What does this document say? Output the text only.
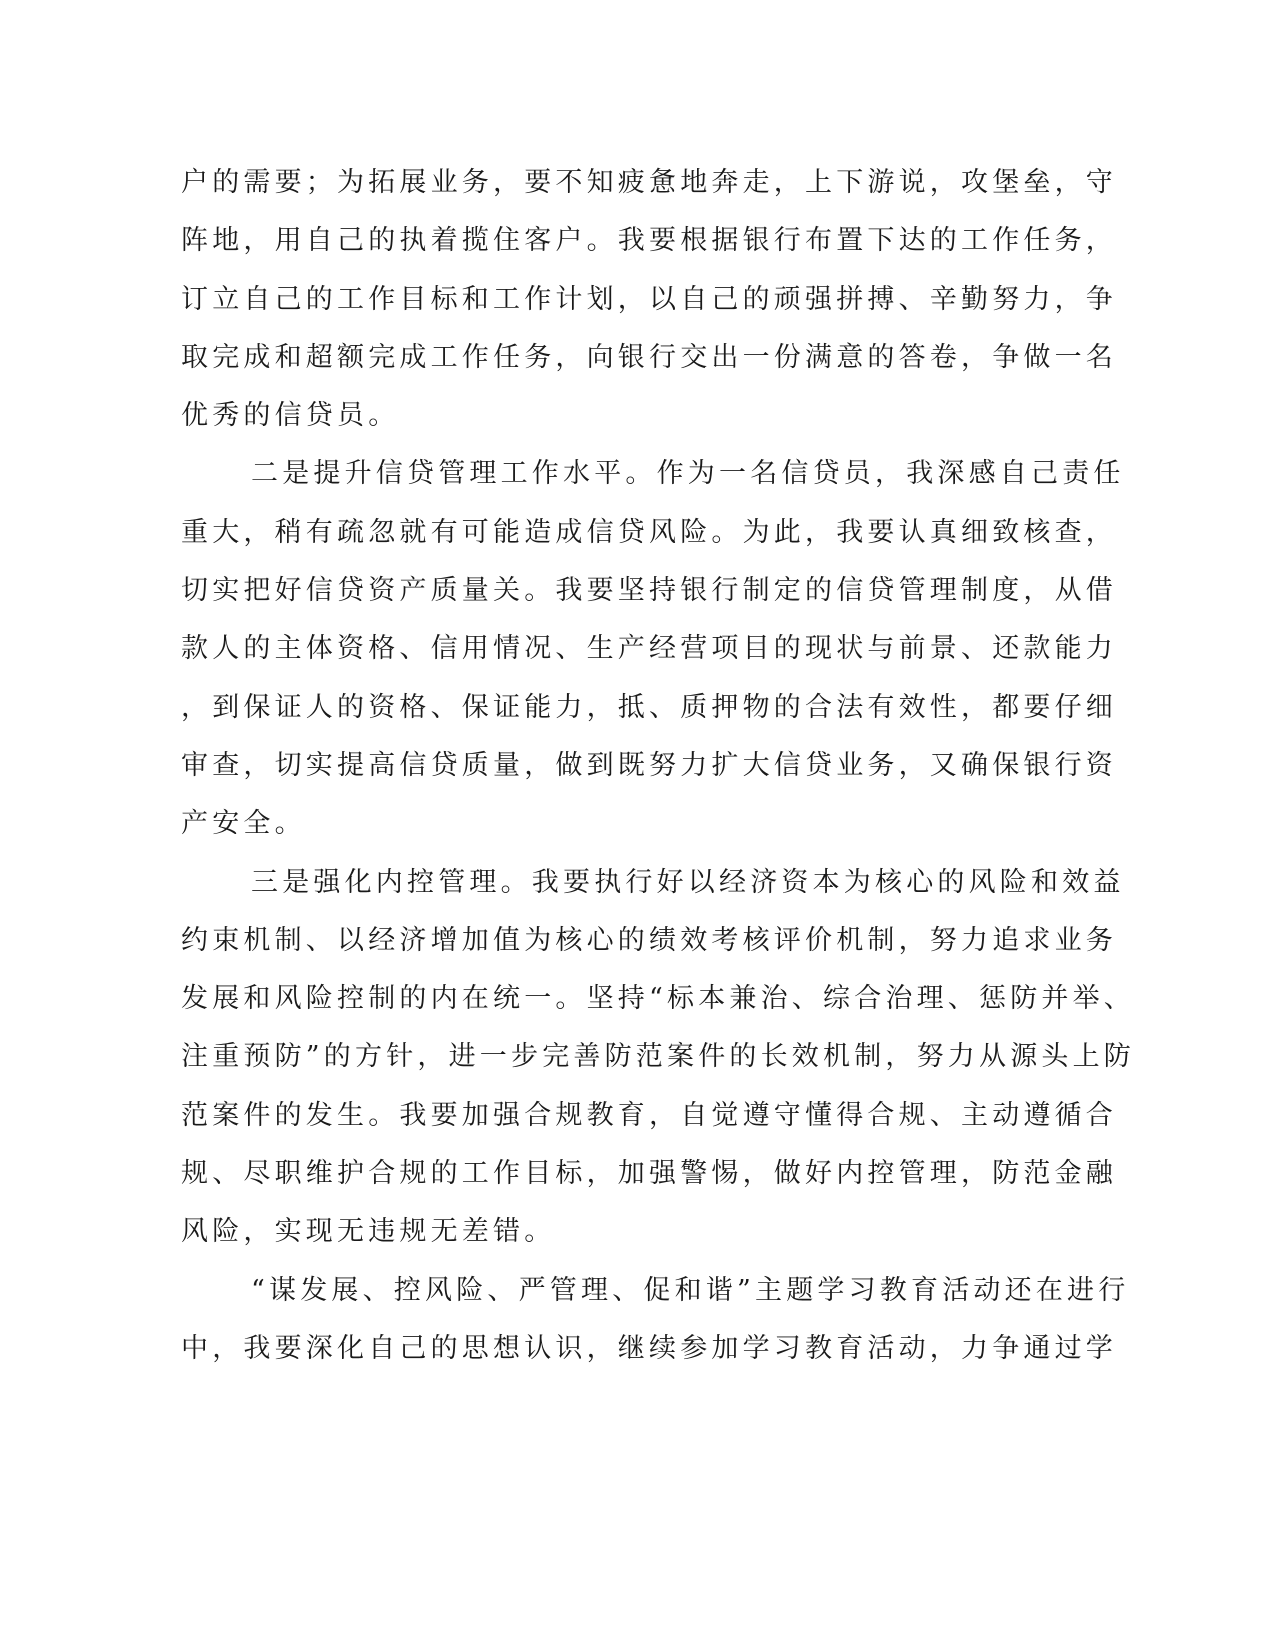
户的需要；为拓展业务，要不知疲惫地奔走，上下游说，攻堡垒，守
阵地，用自己的执着揽住客户。我要根据银行布置下达的工作任务，
订立自己的工作目标和工作计划，以自己的顽强拼搏、辛勤努力，争
取完成和超额完成工作任务，向银行交出一份满意的答卷，争做一名
优秀的信贷员。
二是提升信贷管理工作水平。作为一名信贷员，我深感自己责任
重大，稍有疏忽就有可能造成信贷风险。为此，我要认真细致核查，
切实把好信贷资产质量关。我要坚持银行制定的信贷管理制度，从借
款人的主体资格、信用情况、生产经营项目的现状与前景、还款能力
，到保证人的资格、保证能力，抵、质押物的合法有效性，都要仔细
审查，切实提高信贷质量，做到既努力扩大信贷业务，又确保银行资
产安全。
三是强化内控管理。我要执行好以经济资本为核心的风险和效益
约束机制、以经济增加值为核心的绩效考核评价机制，努力追求业务
发展和风险控制的内在统一。坚持“标本兼治、综合治理、惩防并举、
注重预防”的方针，进一步完善防范案件的长效机制，努力从源头上防
范案件的发生。我要加强合规教育，自觉遵守懂得合规、主动遵循合
规、尽职维护合规的工作目标，加强警惕，做好内控管理，防范金融
风险，实现无违规无差错。
“谋发展、控风险、严管理、促和谐”主题学习教育活动还在进行
中，我要深化自己的思想认识，继续参加学习教育活动，力争通过学
